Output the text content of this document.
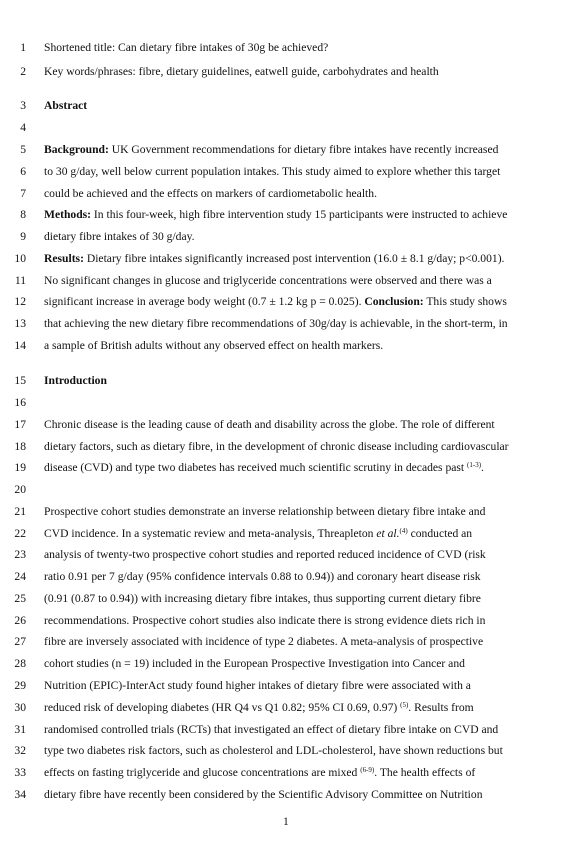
1 Shortened title: Can dietary fibre intakes of 30g be achieved?
2 Key words/phrases: fibre, dietary guidelines, eatwell guide, carbohydrates and health
3 Abstract
4
5 Background: UK Government recommendations for dietary fibre intakes have recently increased
6 to 30 g/day, well below current population intakes. This study aimed to explore whether this target
7 could be achieved and the effects on markers of cardiometabolic health.
8 Methods: In this four-week, high fibre intervention study 15 participants were instructed to achieve
9 dietary fibre intakes of 30 g/day.
10 Results: Dietary fibre intakes significantly increased post intervention (16.0 ± 8.1 g/day; p<0.001).
11 No significant changes in glucose and triglyceride concentrations were observed and there was a
12 significant increase in average body weight (0.7 ± 1.2 kg p = 0.025). Conclusion: This study shows
13 that achieving the new dietary fibre recommendations of 30g/day is achievable, in the short-term, in
14 a sample of British adults without any observed effect on health markers.
15 Introduction
16
17 Chronic disease is the leading cause of death and disability across the globe. The role of different
18 dietary factors, such as dietary fibre, in the development of chronic disease including cardiovascular
19 disease (CVD) and type two diabetes has received much scientific scrutiny in decades past $^{(1-3)}$.
20
21 Prospective cohort studies demonstrate an inverse relationship between dietary fibre intake and
22 CVD incidence. In a systematic review and meta-analysis, Threapleton et al.$^{(4)}$ conducted an
23 analysis of twenty-two prospective cohort studies and reported reduced incidence of CVD (risk
24 ratio 0.91 per 7 g/day (95% confidence intervals 0.88 to 0.94)) and coronary heart disease risk
25 (0.91 (0.87 to 0.94)) with increasing dietary fibre intakes, thus supporting current dietary fibre
26 recommendations. Prospective cohort studies also indicate there is strong evidence diets rich in
27 fibre are inversely associated with incidence of type 2 diabetes. A meta-analysis of prospective
28 cohort studies (n = 19) included in the European Prospective Investigation into Cancer and
29 Nutrition (EPIC)-InterAct study found higher intakes of dietary fibre were associated with a
30 reduced risk of developing diabetes (HR Q4 vs Q1 0.82; 95% CI 0.69, 0.97) $^{(5)}$. Results from
31 randomised controlled trials (RCTs) that investigated an effect of dietary fibre intake on CVD and
32 type two diabetes risk factors, such as cholesterol and LDL-cholesterol, have shown reductions but
33 effects on fasting triglyceride and glucose concentrations are mixed $^{(6-9)}$. The health effects of
34 dietary fibre have recently been considered by the Scientific Advisory Committee on Nutrition
1
